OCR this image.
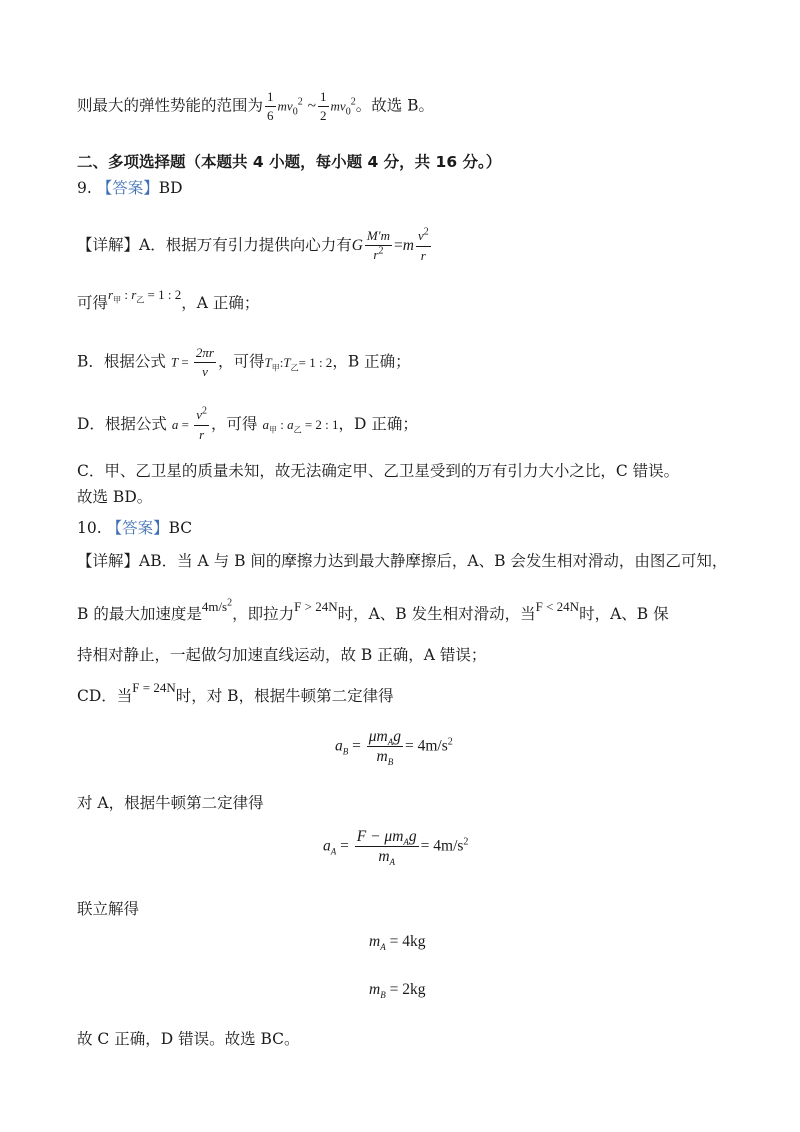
则最大的弹性势能的范围为 $\frac{1}{6} mv_0^2$ ~ $\frac{1}{2} mv_0^2$。故选 B。
二、多项选择题（本题共 4 小题，每小题 4 分，共 16 分。）
9. 【答案】BD
【详解】A．根据万有引力提供向心力有G $\frac{M'm}{r^2} =m \frac{v^2}{r}$
可得$^{r_甲 : r_乙 = 1 : 2}$，A 正确；
B．根据公式 $T = \frac{2\pi r}{v}$ ，可得$T_甲:T_乙= 1$ : 2，B 正确；
D．根据公式 $a = \frac{v^2}{r}$ ，可得 $a_甲$ : $a_乙 = 2$ : 1，D 正确；
C．甲、乙卫星的质量未知，故无法确定甲、乙卫星受到的万有引力大小之比，C 错误。
故选 BD。
10. 【答案】BC
【详解】AB．当 A 与 B 间的摩擦力达到最大静摩擦后，A、B 会发生相对滑动，由图乙可知，
B 的最大加速度是$^{4m/s^2}$，即拉力$^{F > 24N}$时，A、B 发生相对滑动，当$^{F < 24N}$时，A、B 保
持相对静止，一起做匀加速直线运动，故 B 正确，A 错误；
CD．当$^{F = 24N}$时，对 B，根据牛顿第二定律得
$a_B = \frac{\mu m_Ag}{m_B} = 4m/s^2$
对 A，根据牛顿第二定律得
$a_A = \frac{F - \mu m_Ag}{m_A} = 4m/s^2$
联立解得
$m_A = 4kg$
$m_B = 2kg$
故 C 正确，D 错误。故选 BC。
